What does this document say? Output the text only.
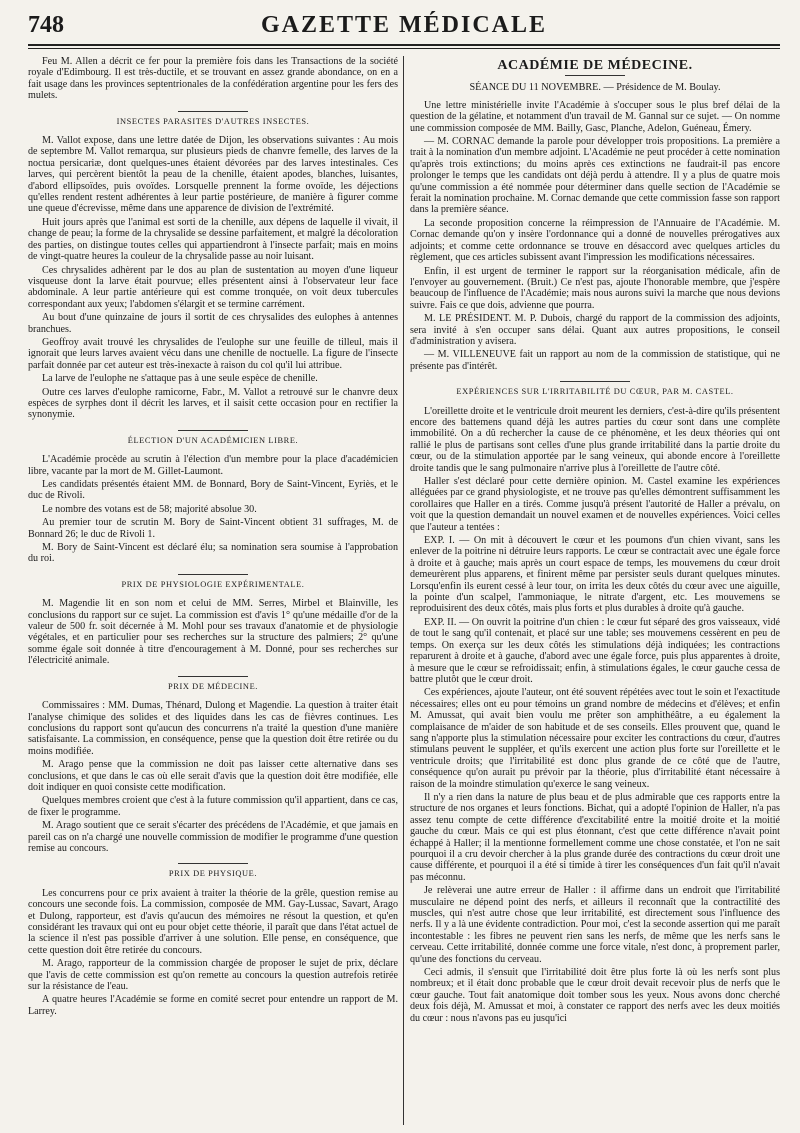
748	GAZETTE MÉDICALE

Feu M. Allen a décrit ce fer pour la première fois dans les Transactions de la société royale d'Edimbourg. Il est très-ductile, et se trouvant en assez grande abondance, on en a fait usage dans les provinces septentrionales de la confédération argentine pour les fers des mulets.

INSECTES PARASITES D'AUTRES INSECTES.

M. Vallot expose, dans une lettre datée de Dijon, les observations suivantes : Au mois de septembre M. Vallot remarqua, sur plusieurs pieds de chanvre femelle, des larves de la noctua persicariæ, dont quelques-unes étaient dévorées par des larves intestinales. Ces larves, qui percèrent bientôt la peau de la chenille, étaient apodes, blanches, luisantes, d'abord ellipsoïdes, puis ovoïdes. Lorsquelle prennent la forme ovoïde, les déjections qu'elles rendent restent adhérentes à leur partie postérieure, de manière à figurer comme une queue d'écrevisse, même dans une apparence de division de l'extrémité.

Huit jours après que l'animal est sorti de la chenille, aux dépens de laquelle il vivait, il change de peau; la forme de la chrysalide se dessine parfaitement, et malgré la décoloration des parties, on distingue toutes celles qui appartiendront à l'insecte parfait; mais en moins de vingt-quatre heures la couleur de la chrysalide passe au noir luisant.

Ces chrysalides adhèrent par le dos au plan de sustentation au moyen d'une liqueur visqueuse dont la larve était pourvue; elles présentent ainsi à l'observateur leur face abdominale. A leur partie antérieure qui est comme tronquée, on voit deux tubercules correspondant aux yeux; l'abdomen s'élargit et se termine carrément.

Au bout d'une quinzaine de jours il sortit de ces chrysalides des eulophes à antennes branchues.

Geoffroy avait trouvé les chrysalides de l'eulophe sur une feuille de tilleul, mais il ignorait que leurs larves avaient vécu dans une chenille de noctuelle. La figure de l'insecte parfait donnée par cet auteur est très-inexacte à raison du col qu'il lui attribue.

La larve de l'eulophe ne s'attaque pas à une seule espèce de chenille.

Outre ces larves d'eulophe ramicorne, Fabr., M. Vallot a retrouvé sur le chanvre deux espèces de syrphes dont il décrit les larves, et il saisit cette occasion pour en rectifier la synonymie.

ÉLECTION D'UN ACADÉMICIEN LIBRE.

L'Académie procède au scrutin à l'élection d'un membre pour la place d'académicien libre, vacante par la mort de M. Gillet-Laumont.

Les candidats présentés étaient MM. de Bonnard, Bory de Saint-Vincent, Eyriès, et le duc de Rivoli.

Le nombre des votans est de 58; majorité absolue 30.

Au premier tour de scrutin M. Bory de Saint-Vincent obtient 31 suffrages, M. de Bonnard 26; le duc de Rivoli 1.

M. Bory de Saint-Vincent est déclaré élu; sa nomination sera soumise à l'approbation du roi.

PRIX DE PHYSIOLOGIE EXPÉRIMENTALE.

M. Magendie lit en son nom et celui de MM. Serres, Mirbel et Blainville, les conclusions du rapport sur ce sujet. La commission est d'avis 1° qu'une médaille d'or de la valeur de 500 fr. soit décernée à M. Mohl pour ses travaux d'anatomie et de physiologie végétales, et en particulier pour ses recherches sur la structure des palmiers; 2° qu'une somme égale soit donnée à titre d'encouragement à M. Donné, pour ses recherches sur l'électricité animale.

PRIX DE MÉDECINE.

Commissaires : MM. Dumas, Thénard, Dulong et Magendie. La question à traiter était l'analyse chimique des solides et des liquides dans les cas de fièvres continues. Les conclusions du rapport sont qu'aucun des concurrens n'a traité la question d'une manière satisfaisante. La commission, en conséquence, pense que la question doit être retirée ou du moins modifiée.

M. Arago pense que la commission ne doit pas laisser cette alternative dans ses conclusions, et que dans le cas où elle serait d'avis que la question doit être modifiée, elle doit indiquer en quoi consiste cette modification.

Quelques membres croient que c'est à la future commission qu'il appartient, dans ce cas, de fixer le programme.

M. Arago soutient que ce serait s'écarter des précédens de l'Académie, et que jamais en pareil cas on n'a chargé une nouvelle commission de modifier le programme d'une question remise au concours.

PRIX DE PHYSIQUE.

Les concurrens pour ce prix avaient à traiter la théorie de la grêle, question remise au concours une seconde fois. La commission, composée de MM. Gay-Lussac, Savart, Arago et Dulong, rapporteur, est d'avis qu'aucun des mémoires ne résout la question, et qu'en considérant les travaux qui ont eu pour objet cette théorie, il paraît que dans l'état actuel de la science il n'est pas possible d'arriver à une solution. Elle pense, en conséquence, que cette question doit être retirée du concours.

M. Arago, rapporteur de la commission chargée de proposer le sujet de prix, déclare que l'avis de cette commission est qu'on remette au concours la question autrefois retirée sur la résistance de l'eau.

A quatre heures l'Académie se forme en comité secret pour entendre un rapport de M. Larrey.

ACADÉMIE DE MÉDECINE.

SÉANCE DU 11 NOVEMBRE. — Présidence de M. Boulay.

Une lettre ministérielle invite l'Académie à s'occuper sous le plus bref délai de la question de la gélatine, et notamment d'un travail de M. Gannal sur ce sujet. — On nomme une commission composée de MM. Bailly, Gasc, Planche, Adelon, Guéneau, Émery.

— M. CORNAC demande la parole pour développer trois propositions. La première a trait à la nomination d'un membre adjoint. L'Académie ne peut procéder à cette nomination qu'après trois extinctions; du moins après ces extinctions ne faudrait-il pas encore prolonger le temps que les candidats ont déjà perdu à attendre. Il y a plus de quatre mois qu'une commission a été nommée pour déterminer dans quelle section de l'Académie se ferait la nomination prochaine. M. Cornac demande que cette commission fasse son rapport dans la première séance.

La seconde proposition concerne la réimpression de l'Annuaire de l'Académie. M. Cornac demande qu'on y insère l'ordonnance qui a donné de nouvelles prérogatives aux adjoints; et comme cette ordonnance se trouve en désaccord avec quelques articles du règlement, que ces articles subissent avant l'impression les modifications nécessaires.

Enfin, il est urgent de terminer le rapport sur la réorganisation médicale, afin de l'envoyer au gouvernement. (Bruit.) Ce n'est pas, ajoute l'honorable membre, que j'espère beaucoup de l'influence de l'Académie; mais nous aurons suivi la marche que nous devions suivre. Fais ce que dois, advienne que pourra.

M. LE PRÉSIDENT. M. P. Dubois, chargé du rapport de la commission des adjoints, sera invité à s'en occuper sans délai. Quant aux autres propositions, le conseil d'administration y avisera.

— M. VILLENEUVE fait un rapport au nom de la commission de statistique, qui ne présente pas d'intérêt.

EXPÉRIENCES SUR L'IRRITABILITÉ DU CŒUR, PAR M. CASTEL.

L'oreillette droite et le ventricule droit meurent les derniers, c'est-à-dire qu'ils présentent encore des battemens quand déjà les autres parties du cœur sont dans une complète immobilité. On a dû rechercher la cause de ce phénomène, et les deux théories qui ont rallié le plus de partisans sont celles d'une plus grande irritabilité dans la partie droite du cœur, ou de la stimulation apportée par le sang veineux, qui abonde encore à l'oreillette droite tandis que le sang pulmonaire n'arrive plus à l'oreillette de l'autre côté.

Haller s'est déclaré pour cette dernière opinion. M. Castel examine les expériences alléguées par ce grand physiologiste, et ne trouve pas qu'elles démontrent suffisamment les corollaires que Haller en a tirés. Comme jusqu'à présent l'autorité de Haller a prévalu, on voit que la question demandait un nouvel examen et de nouvelles expériences. Voici celles que l'auteur a tentées :

EXP. I. — On mit à découvert le cœur et les poumons d'un chien vivant, sans les enlever de la poitrine ni détruire leurs rapports. Le cœur se contractait avec une égale force à droite et à gauche; mais après un court espace de temps, les mouvemens du cœur droit demeurèrent plus apparens, et finirent même par persister seuls durant quelques minutes. Lorsqu'enfin ils eurent cessé à leur tour, on irrita les deux côtés du cœur avec une aiguille, la pointe d'un scalpel, l'ammoniaque, le nitrate d'argent, etc. Les mouvemens se reproduisirent des deux côtés, mais plus forts et plus durables à droite qu'à gauche.

EXP. II. — On ouvrit la poitrine d'un chien : le cœur fut séparé des gros vaisseaux, vidé de tout le sang qu'il contenait, et placé sur une table; ses mouvemens cessèrent en peu de temps. On exerça sur les deux côtés les stimulations déjà indiquées; les contractions reparurent à droite et à gauche, d'abord avec une égale force, puis plus apparentes à droite, à mesure que le cœur se refroidissait; enfin, à stimulations égales, le cœur gauche cessa de battre plutôt que le cœur droit.

Ces expériences, ajoute l'auteur, ont été souvent répétées avec tout le soin et l'exactitude nécessaires; elles ont eu pour témoins un grand nombre de médecins et d'élèves; et enfin M. Amussat, qui avait bien voulu me prêter son amphithéâtre, a eu également la complaisance de m'aider de son habitude et de ses conseils. Elles prouvent que, quand le sang n'apporte plus la stimulation nécessaire pour exciter les contractions du cœur, d'autres stimulans peuvent le suppléer, et qu'ils exercent une action plus forte sur l'oreillette et le ventricule droits; que l'irritabilité est donc plus grande de ce côté que de l'autre, conséquence qu'on aurait pu prévoir par la théorie, plus d'irritabilité étant nécessaire à raison de la moindre stimulation qu'exerce le sang veineux.

Il n'y a rien dans la nature de plus beau et de plus admirable que ces rapports entre la structure de nos organes et leurs fonctions. Bichat, qui a adopté l'opinion de Haller, n'a pas assez tenu compte de cette différence d'excitabilité entre la moitié droite et la moitié gauche du cœur. Mais ce qui est plus étonnant, c'est que cette différence n'avait point échappé à Haller; il la mentionne formellement comme une chose constatée, et l'on ne sait pourquoi il a cru devoir chercher à la plus grande durée des contractions du cœur droit une cause différente, et pourquoi il a été si timide à tirer les conséquences d'un fait qu'il n'avait pas méconnu.

Je relèverai une autre erreur de Haller : il affirme dans un endroit que l'irritabilité musculaire ne dépend point des nerfs, et ailleurs il reconnaît que la contractilité des muscles, qui n'est autre chose que leur irritabilité, est directement sous l'influence des nerfs. Il y a là une évidente contradiction. Pour moi, c'est la seconde assertion qui me paraît incontestable : les fibres ne peuvent rien sans les nerfs, de même que les nerfs sans le cerveau. Cette irritabilité, donnée comme une force vitale, n'est donc, à proprement parler, qu'une des fonctions du cerveau.

Ceci admis, il s'ensuit que l'irritabilité doit être plus forte là où les nerfs sont plus nombreux; et il était donc probable que le cœur droit devait recevoir plus de nerfs que le cœur gauche. Tout fait anatomique doit tomber sous les yeux. Nous avons donc cherché deux fois déjà, M. Amussat et moi, à constater ce rapport des nerfs avec les deux moitiés du cœur : nous n'avons pas eu jusqu'ici
